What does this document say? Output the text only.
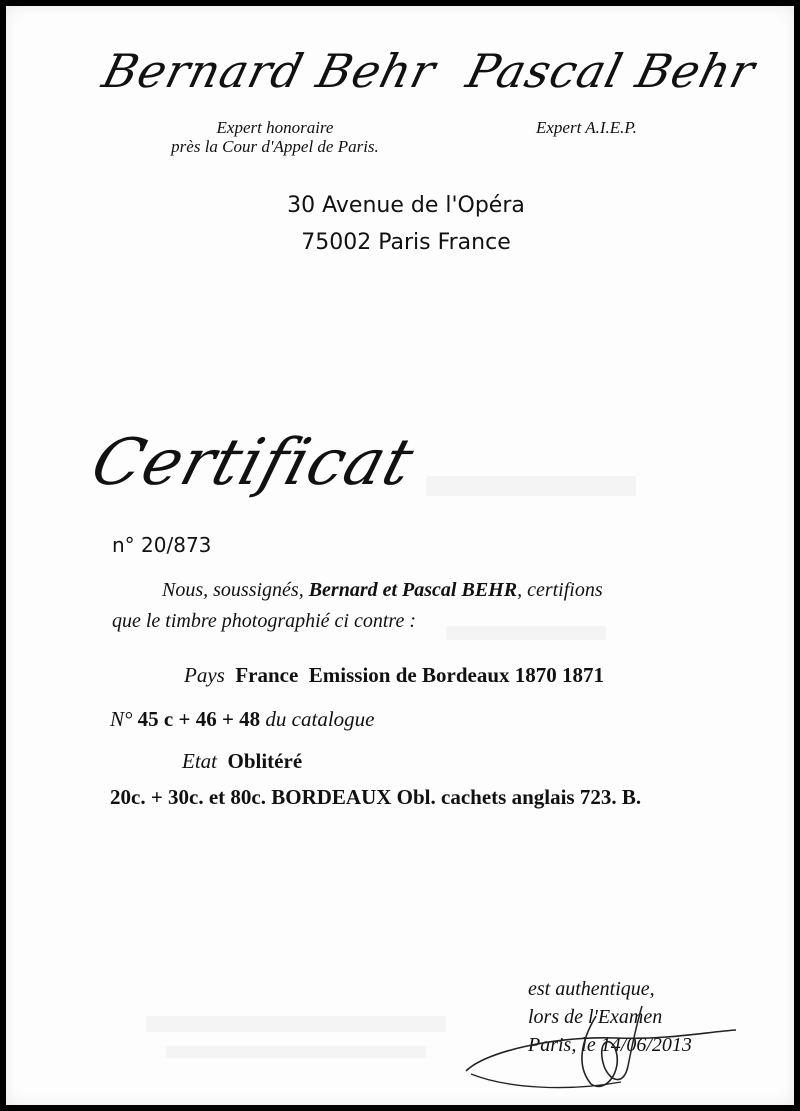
Bernard Behr Pascal Behr
Expert honoraire
près la Cour d'Appel de Paris.
Expert A.I.E.P.
30 Avenue de l'Opéra
75002 Paris France
Certificat
n° 20/873
Nous, soussignés, Bernard et Pascal BEHR, certifions
que le timbre photographié ci contre :
Pays France  Emission de Bordeaux 1870 1871
N° 45 c + 46 + 48 du catalogue
Etat Oblitéré
20c. + 30c. et 80c. BORDEAUX Obl. cachets anglais 723. B.
est authentique,
lors de l'Examen
Paris, le 14/06/2013
